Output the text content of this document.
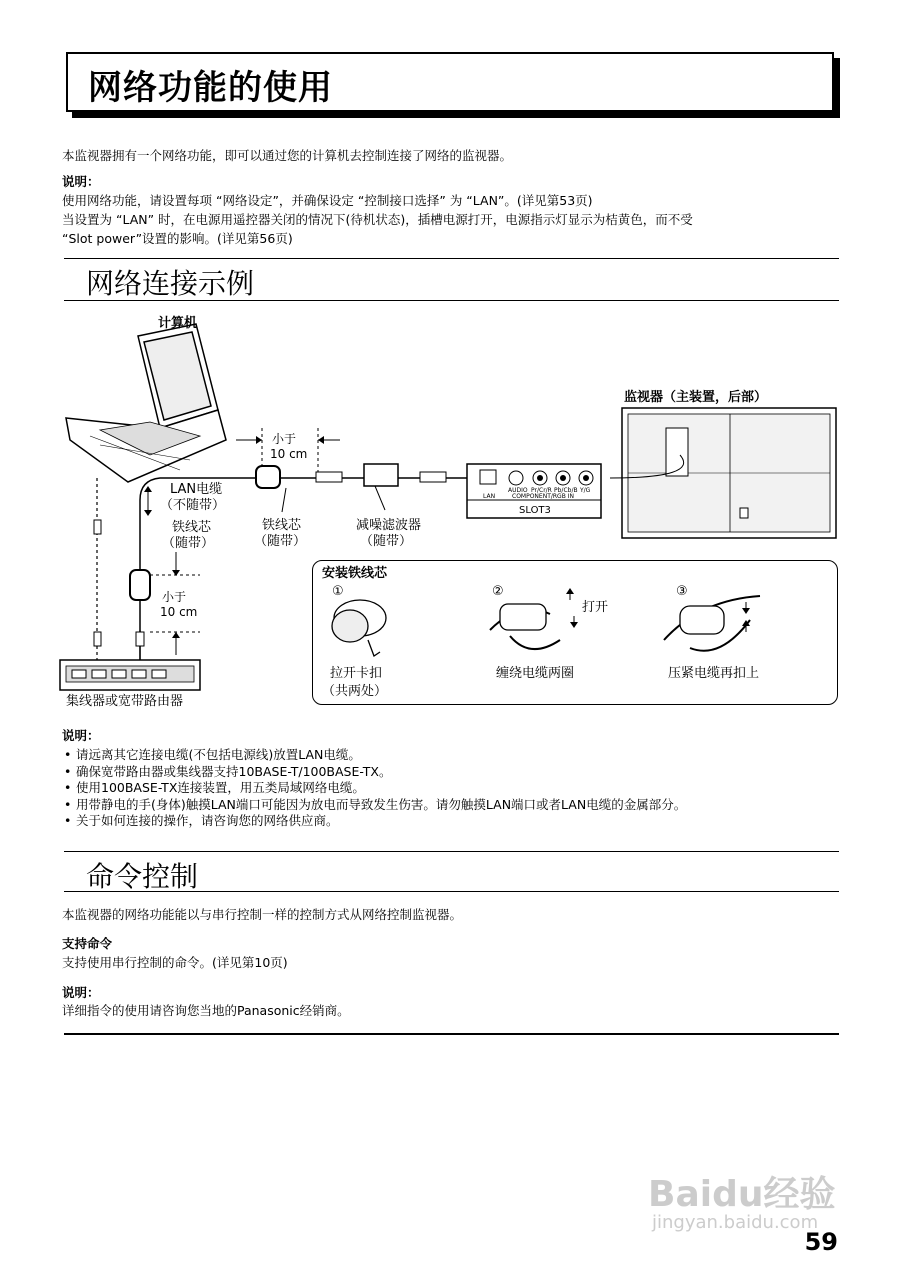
网络功能的使用
本监视器拥有一个网络功能，即可以通过您的计算机去控制连接了网络的监视器。
说明：
使用网络功能，请设置每项 “网络设定”，并确保设定 “控制接口选择” 为 “LAN”。(详见第53页)
当设置为 “LAN” 时，在电源用遥控器关闭的情况下(待机状态)，插槽电源打开，电源指示灯显示为桔黄色，而不受
“Slot power”设置的影响。(详见第56页)
网络连接示例
计算机
监视器（主装置，后部）
小于
10 cm
LAN电缆
（不随带）
铁线芯
（随带）
铁线芯
（随带）
减噪滤波器
（随带）
小于
10 cm
集线器或宽带路由器
AUDIO Pr/Cr/R Pb/Cb/B Y/G
LAN	COMPONENT/RGB IN
SLOT3
安装铁线芯
①	②	③
打开
拉开卡扣
（共两处）
缠绕电缆两圈	压紧电缆再扣上
说明：
• 请远离其它连接电缆(不包括电源线)放置LAN电缆。
• 确保宽带路由器或集线器支持10BASE-T/100BASE-TX。
• 使用100BASE-TX连接装置，用五类局域网络电缆。
• 用带静电的手(身体)触摸LAN端口可能因为放电而导致发生伤害。请勿触摸LAN端口或者LAN电缆的金属部分。
• 关于如何连接的操作，请咨询您的网络供应商。
命令控制
本监视器的网络功能能以与串行控制一样的控制方式从网络控制监视器。
支持命令
支持使用串行控制的命令。(详见第10页)
说明：
详细指令的使用请咨询您当地的Panasonic经销商。
Baidu经验
jingyan.baidu.com
59
